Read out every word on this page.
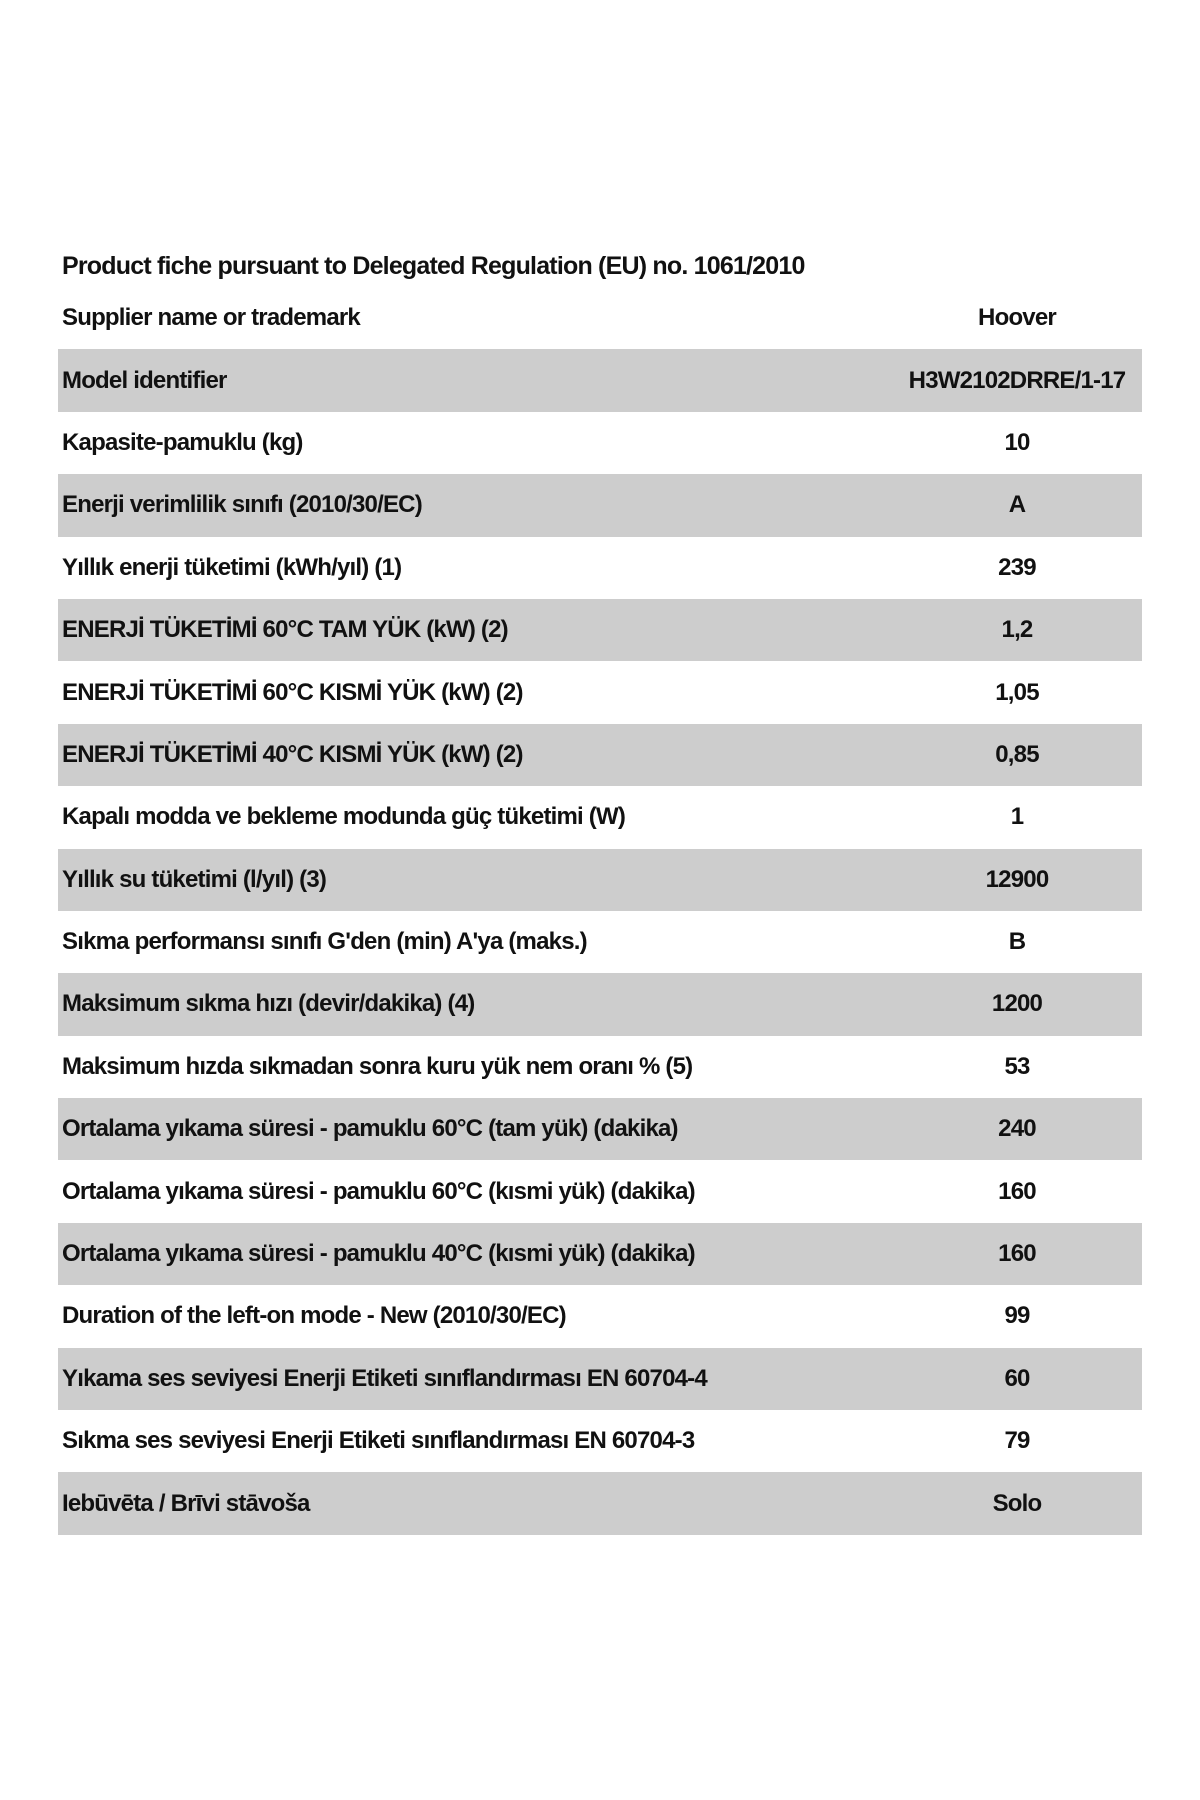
Product fiche pursuant to Delegated Regulation (EU) no. 1061/2010
Supplier name or trademark	Hoover
Model identifier	H3W2102DRRE/1-17
Kapasite-pamuklu (kg)	10
Enerji verimlilik sınıfı (2010/30/EC)	A
Yıllık enerji tüketimi (kWh/yıl) (1)	239
ENERJİ TÜKETİMİ 60°C TAM YÜK (kW) (2)	1,2
ENERJİ TÜKETİMİ 60°C KISMİ YÜK (kW) (2)	1,05
ENERJİ TÜKETİMİ 40°C KISMİ YÜK (kW) (2)	0,85
Kapalı modda ve bekleme modunda güç tüketimi (W)	1
Yıllık su tüketimi (l/yıl) (3)	12900
Sıkma performansı sınıfı G'den (min) A'ya (maks.)	B
Maksimum sıkma hızı (devir/dakika) (4)	1200
Maksimum hızda sıkmadan sonra kuru yük nem oranı % (5)	53
Ortalama yıkama süresi - pamuklu 60°C (tam yük) (dakika)	240
Ortalama yıkama süresi - pamuklu 60°C (kısmi yük) (dakika)	160
Ortalama yıkama süresi - pamuklu 40°C (kısmi yük) (dakika)	160
Duration of the left-on mode - New (2010/30/EC)	99
Yıkama ses seviyesi Enerji Etiketi sınıflandırması EN 60704-4	60
Sıkma ses seviyesi Enerji Etiketi sınıflandırması EN 60704-3	79
Iebūvēta / Brīvi stāvoša	Solo
